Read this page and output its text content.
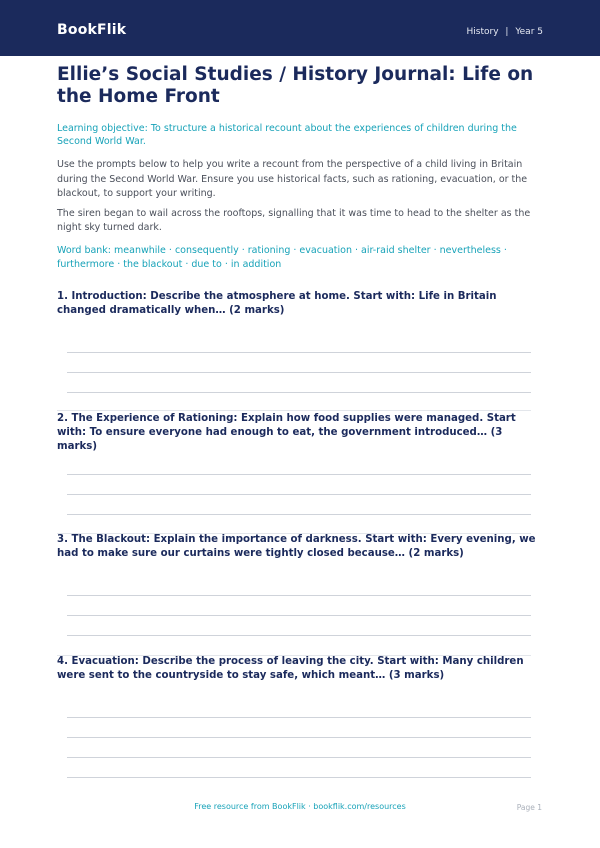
BookFlik	History | Year 5
Ellie’s Social Studies / History Journal: Life on the Home Front

Learning objective: To structure a historical recount about the experiences of children during the Second World War.

Use the prompts below to help you write a recount from the perspective of a child living in Britain during the Second World War. Ensure you use historical facts, such as rationing, evacuation, or the blackout, to support your writing.

The siren began to wail across the rooftops, signalling that it was time to head to the shelter as the night sky turned dark.

Word bank: meanwhile · consequently · rationing · evacuation · air-raid shelter · nevertheless · furthermore · the blackout · due to · in addition

1. Introduction: Describe the atmosphere at home. Start with: Life in Britain changed dramatically when… (2 marks)
2. The Experience of Rationing: Explain how food supplies were managed. Start with: To ensure everyone had enough to eat, the government introduced… (3 marks)
3. The Blackout: Explain the importance of darkness. Start with: Every evening, we had to make sure our curtains were tightly closed because… (2 marks)
4. Evacuation: Describe the process of leaving the city. Start with: Many children were sent to the countryside to stay safe, which meant… (3 marks)
Free resource from BookFlik · bookflik.com/resources	Page 1
